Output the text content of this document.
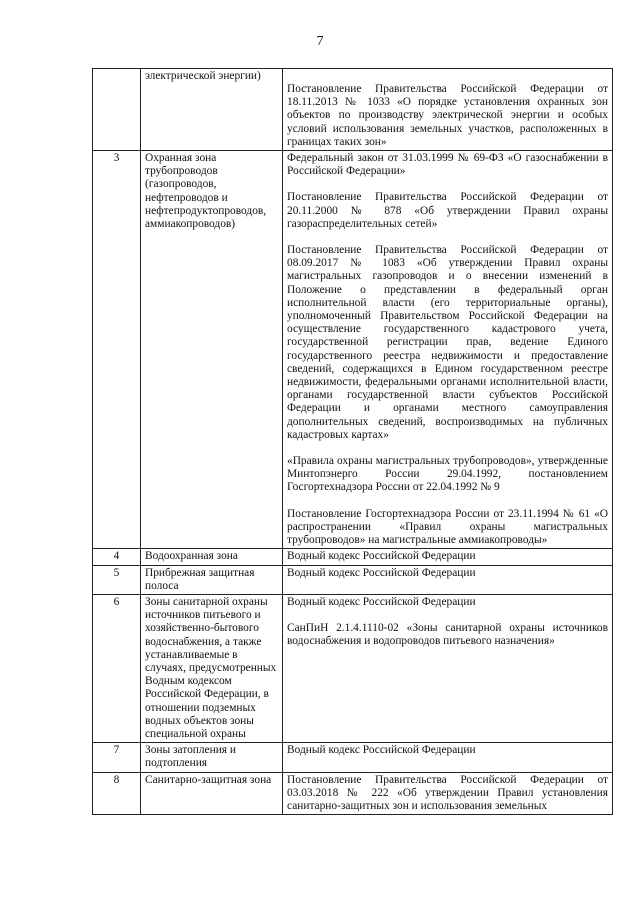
7
	электрической энергии)	Постановление Правительства Российской Федерации от 18.11.2013 № 1033 «О порядке установления охранных зон объектов по производству электрической энергии и особых условий использования земельных участков, расположенных в границах таких зон»

3	Охранная зона трубопроводов (газопроводов, нефтепроводов и нефтепродуктопроводов, аммиакопроводов)	Федеральный закон от 31.03.1999 № 69-ФЗ «О газоснабжении в Российской Федерации»
Постановление Правительства Российской Федерации от 20.11.2000 № 878 «Об утверждении Правил охраны газораспределительных сетей»
Постановление Правительства Российской Федерации от 08.09.2017 № 1083 «Об утверждении Правил охраны магистральных газопроводов и о внесении изменений в Положение о представлении в федеральный орган исполнительной власти (его территориальные органы), уполномоченный Правительством Российской Федерации на осуществление государственного кадастрового учета, государственной регистрации прав, ведение Единого государственного реестра недвижимости и предоставление сведений, содержащихся в Едином государственном реестре недвижимости, федеральными органами исполнительной власти, органами государственной власти субъектов Российской Федерации и органами местного самоуправления дополнительных сведений, воспроизводимых на публичных кадастровых картах»
«Правила охраны магистральных трубопроводов», утвержденные Минтопэнерго России 29.04.1992, постановлением Госгортехнадзора России от 22.04.1992 № 9
Постановление Госгортехнадзора России от 23.11.1994 № 61 «О распространении «Правил охраны магистральных трубопроводов» на магистральные аммиакопроводы»

4	Водоохранная зона	Водный кодекс Российской Федерации

5	Прибрежная защитная полоса	Водный кодекс Российской Федерации

6	Зоны санитарной охраны источников питьевого и хозяйственно-бытового водоснабжения, а также устанавливаемые в случаях, предусмотренных Водным кодексом Российской Федерации, в отношении подземных водных объектов зоны специальной охраны	Водный кодекс Российской Федерации
СанПиН 2.1.4.1110-02 «Зоны санитарной охраны источников водоснабжения и водопроводов питьевого назначения»

7	Зоны затопления и подтопления	Водный кодекс Российской Федерации

8	Санитарно-защитная зона	Постановление Правительства Российской Федерации от 03.03.2018 № 222 «Об утверждении Правил установления санитарно-защитных зон и использования земельных
